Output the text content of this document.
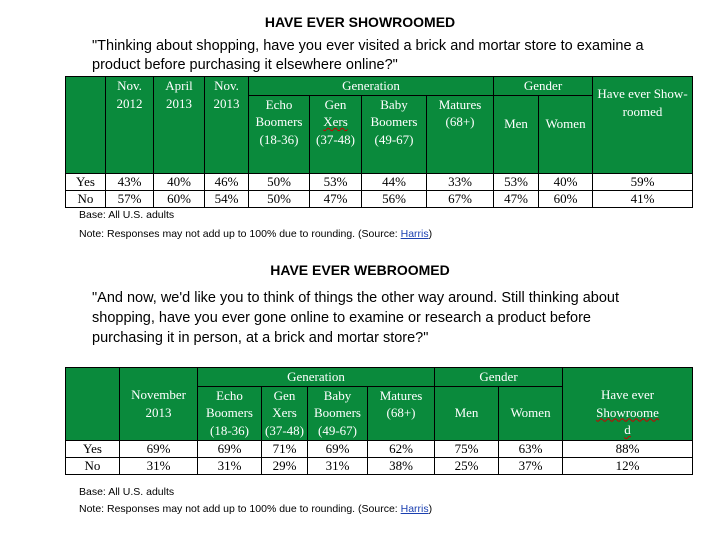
HAVE EVER SHOWROOMED
"Thinking about shopping, have you ever visited a brick and mortar store to examine a product before purchasing it elsewhere online?"
	Nov. 2012	April 2013	Nov. 2013	Generation				Gender		Have ever Show- roomed
				Echo Boomers (18-36)	Gen
Xers
(37-48)	Baby Boomers (49-67)	Matures (68+)	Men	Women	
Yes	43%	40%	46%	50%	53%	44%	33%	53%	40%	59%
No	57%	60%	54%	50%	47%	56%	67%	47%	60%	41%
Base: All U.S. adults
Note: Responses may not add up to 100% due to rounding. (Source: Harris)
HAVE EVER WEBROOMED
"And now, we'd like you to think of things the other way around. Still thinking about shopping, have you ever gone online to examine or research a product before purchasing it in person, at a brick and mortar store?"
	November 2013	Generation				Gender		Have ever
Showroome
d
		Echo Boomers (18-36)	Gen
Xers
(37-48)	Baby Boomers (49-67)	Matures (68+)	Men	Women	
Yes	69%	69%	71%	69%	62%	75%	63%	88%
No	31%	31%	29%	31%	38%	25%	37%	12%
Base: All U.S. adults
Note: Responses may not add up to 100% due to rounding. (Source: Harris)
